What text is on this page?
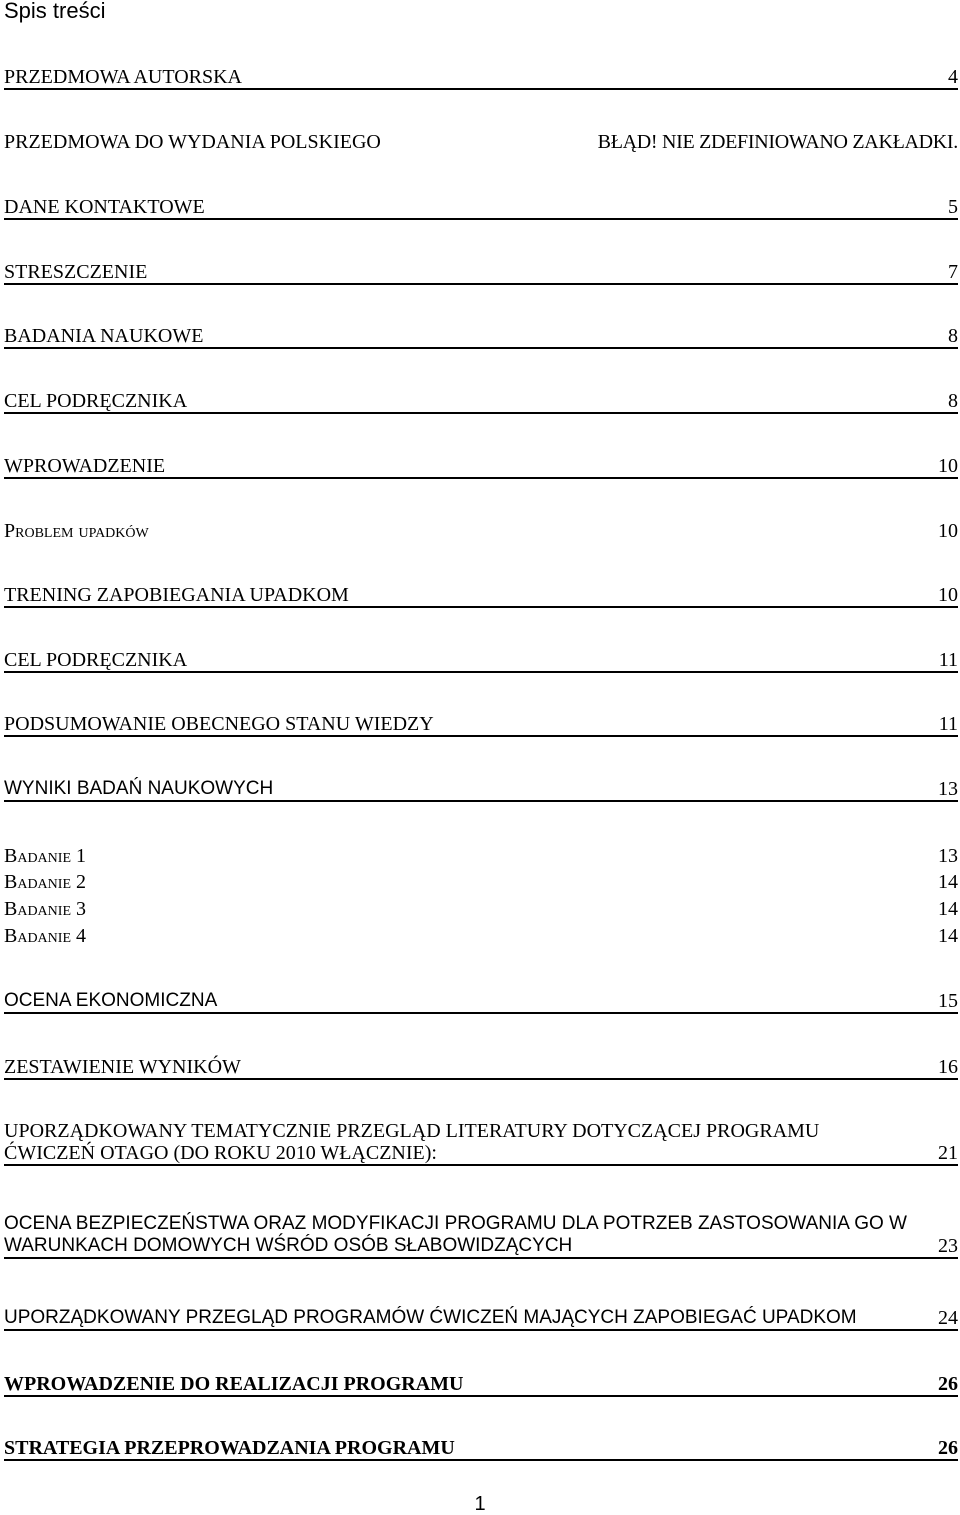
Spis treści
PRZEDMOWA AUTORSKA	4
PRZEDMOWA DO WYDANIA POLSKIEGO	BŁĄD! NIE ZDEFINIOWANO ZAKŁADKI.
DANE KONTAKTOWE	5
STRESZCZENIE	7
BADANIA NAUKOWE	8
CEL PODRĘCZNIKA	8
WPROWADZENIE	10
Problem upadków	10
TRENING ZAPOBIEGANIA UPADKOM	10
CEL PODRĘCZNIKA	11
PODSUMOWANIE OBECNEGO STANU WIEDZY	11
WYNIKI BADAŃ NAUKOWYCH	13
Badanie 1	13
Badanie 2	14
Badanie 3	14
Badanie 4	14
OCENA EKONOMICZNA	15
ZESTAWIENIE WYNIKÓW	16
UPORZĄDKOWANY TEMATYCZNIE PRZEGLĄD LITERATURY DOTYCZĄCEJ PROGRAMU ĆWICZEŃ OTAGO (DO ROKU 2010 WŁĄCZNIE):	21
OCENA BEZPIECZEŃSTWA ORAZ MODYFIKACJI PROGRAMU DLA POTRZEB ZASTOSOWANIA GO W WARUNKACH DOMOWYCH WŚRÓD OSÓB SŁABOWIDZĄCYCH	23
UPORZĄDKOWANY PRZEGLĄD PROGRAMÓW ĆWICZEŃ MAJĄCYCH ZAPOBIEGAĆ UPADKOM	24
WPROWADZENIE DO REALIZACJI PROGRAMU	26
STRATEGIA PRZEPROWADZANIA PROGRAMU	26
1
